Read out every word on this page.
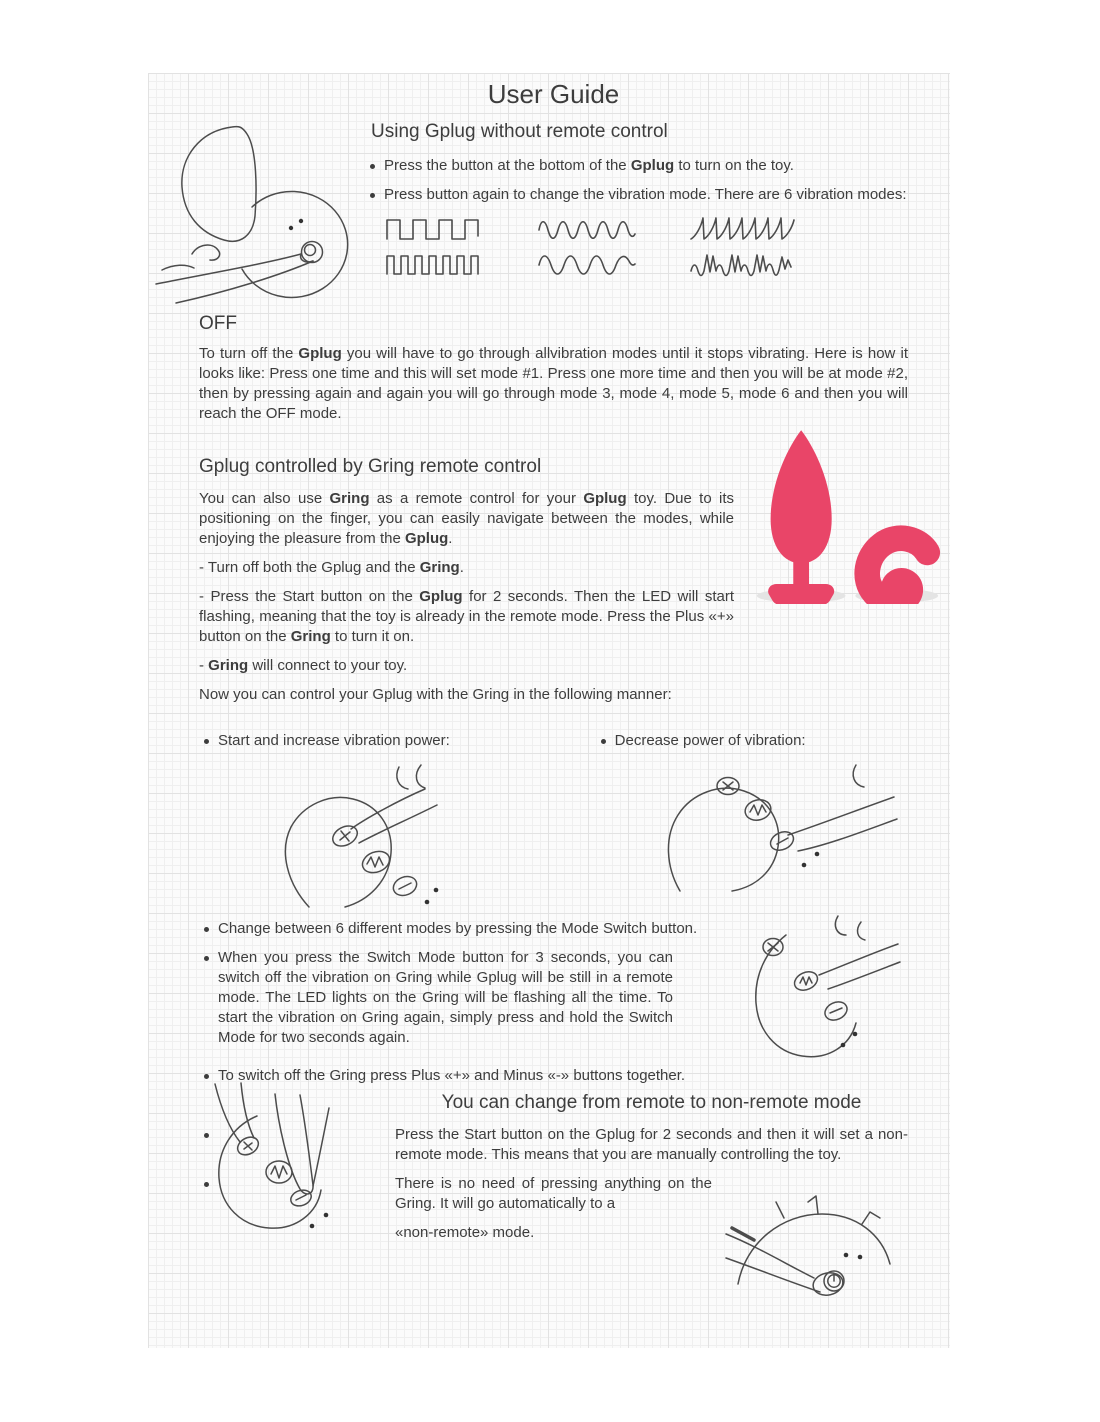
User Guide
Using Gplug without remote control
Press the button at the bottom of the Gplug to turn on the toy.
Press button again to change the vibration mode. There are 6 vibration modes:
OFF

To turn off the Gplug you will have to go through allvibration modes until it stops vibrating. Here is how it looks like: Press one time and this will set mode #1. Press one more time and then you will be at mode #2, then by pressing again and again you will go through mode 3, mode 4, mode 5, mode 6 and then you will reach the OFF mode.

Gplug controlled by Gring remote control

You can also use Gring as a remote control for your Gplug toy. Due to its positioning on the finger, you can easily navigate between the modes, while enjoying the pleasure from the Gplug.

- Turn off both the Gplug and the Gring.

- Press the Start button on the Gplug for 2 seconds. Then the LED will start flashing, meaning that the toy is already in the remote mode. Press the Plus «+» button on the Gring to turn it on.

- Gring will connect to your toy.

Now you can control your Gplug with the Gring in the following manner:

Start and increase vibration power:	Decrease power of vibration:
Change between 6 different modes by pressing the Mode Switch button.
When you press the Switch Mode button for 3 seconds, you can switch off the vibration on Gring while Gplug will be still in a remote mode. The LED lights on the Gring will be flashing all the time. To start the vibration on Gring again, simply press and hold the Switch Mode for two seconds again.
To switch off the Gring press Plus «+» and Minus «-» buttons together.
You can change from remote to non-remote mode
Press the Start button on the Gplug for 2 seconds and then it will set a non-remote mode. This means that you are manually controlling the toy.
There is no need of pressing anything on the Gring. It will go automatically to a

«non-remote» mode.
